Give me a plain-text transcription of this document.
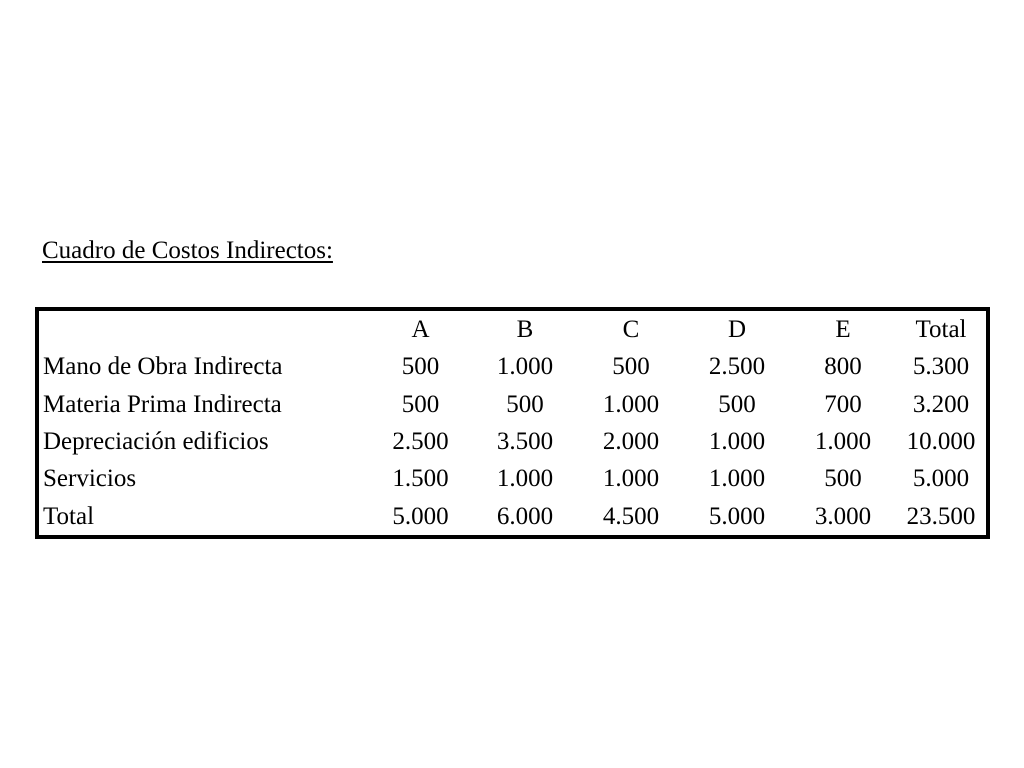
Cuadro de Costos Indirectos:
	A	B	C	D	E	Total
Mano de Obra Indirecta	500	1.000	500	2.500	800	5.300
Materia Prima Indirecta	500	500	1.000	500	700	3.200
Depreciación edificios	2.500	3.500	2.000	1.000	1.000	10.000
Servicios	1.500	1.000	1.000	1.000	500	5.000
Total	5.000	6.000	4.500	5.000	3.000	23.500
